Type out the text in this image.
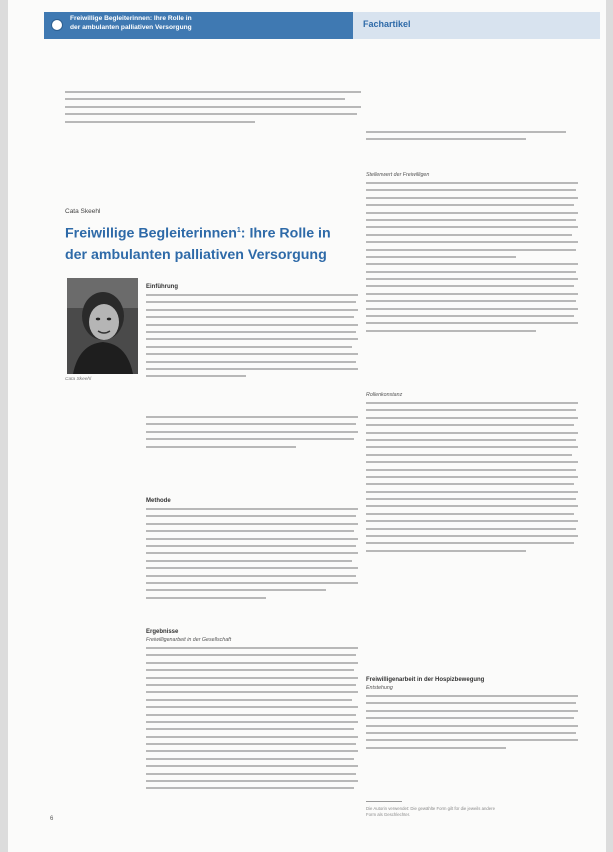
Freiwillige Begleiterinnen: Ihre Rolle in
der ambulanten palliativen Versorgung	Fachartikel
Cata Skeehl
Freiwillige Begleiterinnen$^1$: Ihre Rolle in
der ambulanten palliativen Versorgung
Cata Skeehl
Einführung
Methode
Ergebnisse
Freiwilligenarbeit in der Gesellschaft
Stellenwert der Freiwilligen
Rollenkonstanz
Freiwilligenarbeit in der Hospizbewegung
Entstehung
Die Autorin verwendet: Die gewählte Form gilt für die jeweils andere
Form als Geschlechter.
6
